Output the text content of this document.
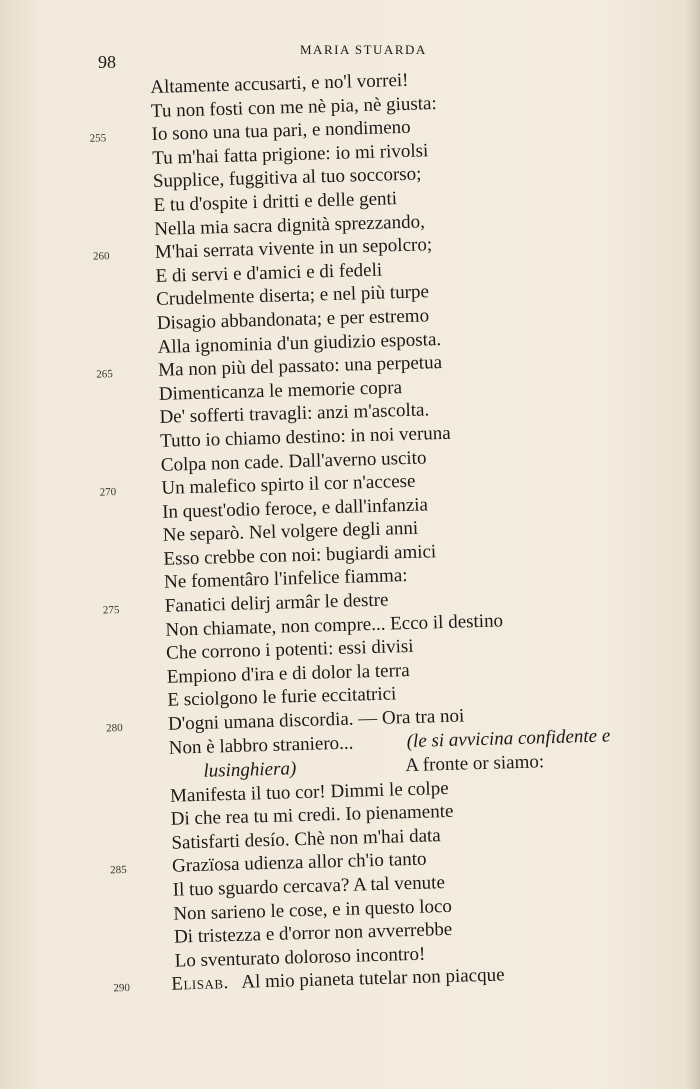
98
MARIA STUARDA
Altamente accusarti, e no'l vorrei!
Tu non fosti con me nè pia, nè giusta:
255	Io sono una tua pari, e nondimeno
Tu m'hai fatta prigione: io mi rivolsi
Supplice, fuggitiva al tuo soccorso;
E tu d'ospite i dritti e delle genti
Nella mia sacra dignità sprezzando,
260	M'hai serrata vivente in un sepolcro;
E di servi e d'amici e di fedeli
Crudelmente diserta; e nel più turpe
Disagio abbandonata; e per estremo
Alla ignominia d'un giudizio esposta.
265	Ma non più del passato: una perpetua
Dimenticanza le memorie copra
De' sofferti travagli: anzi m'ascolta.
Tutto io chiamo destino: in noi veruna
Colpa non cade. Dall'averno uscito
270	Un malefico spirto il cor n'accese
In quest'odio feroce, e dall'infanzia
Ne separò. Nel volgere degli anni
Esso crebbe con noi: bugiardi amici
Ne fomentâro l'infelice fiamma:
275	Fanatici delirj armâr le destre
Non chiamate, non compre... Ecco il destino
Che corrono i potenti: essi divisi
Empiono d'ira e di dolor la terra
E sciolgono le furie eccitatrici
280	D'ogni umana discordia. — Ora tra noi
Non è labbro straniero...	(le si avvicina confidente e
lusinghiera)	A fronte or siamo:
Manifesta il tuo cor! Dimmi le colpe
Di che rea tu mi credi. Io pienamente
Satisfarti desío. Chè non m'hai data
285	Grazïosa udienza allor ch'io tanto
Il tuo sguardo cercava? A tal venute
Non sarieno le cose, e in questo loco
Di tristezza e d'orror non avverrebbe
Lo sventurato doloroso incontro!
290	Elisab. Al mio pianeta tutelar non piacque
